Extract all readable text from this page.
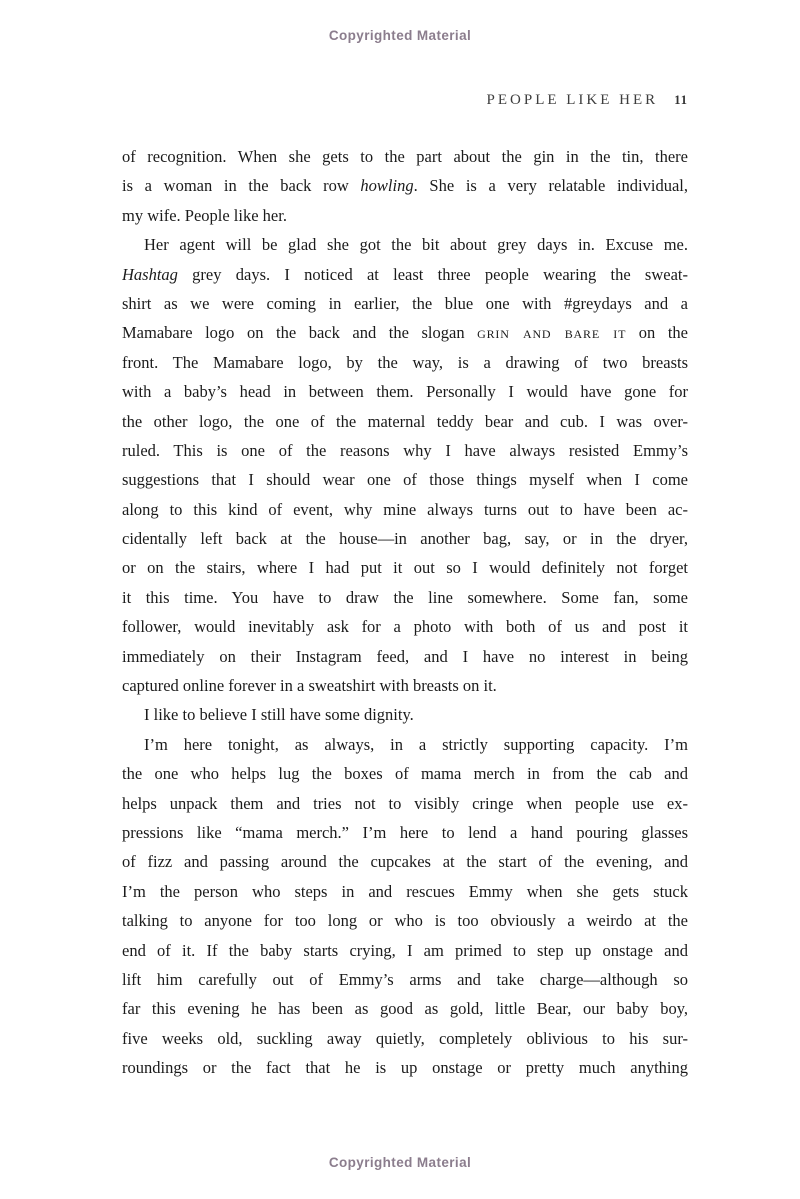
Copyrighted Material
PEOPLE LIKE HER 11
of recognition. When she gets to the part about the gin in the tin, there
is a woman in the back row howling. She is a very relatable individual,
my wife. People like her.
Her agent will be glad she got the bit about grey days in. Excuse me.
Hashtag grey days. I noticed at least three people wearing the sweat-
shirt as we were coming in earlier, the blue one with #greydays and a
Mamabare logo on the back and the slogan grin and bare it on the
front. The Mamabare logo, by the way, is a drawing of two breasts
with a baby’s head in between them. Personally I would have gone for
the other logo, the one of the maternal teddy bear and cub. I was over-
ruled. This is one of the reasons why I have always resisted Emmy’s
suggestions that I should wear one of those things myself when I come
along to this kind of event, why mine always turns out to have been ac-
cidentally left back at the house—in another bag, say, or in the dryer,
or on the stairs, where I had put it out so I would definitely not forget
it this time. You have to draw the line somewhere. Some fan, some
follower, would inevitably ask for a photo with both of us and post it
immediately on their Instagram feed, and I have no interest in being
captured online forever in a sweatshirt with breasts on it.
I like to believe I still have some dignity.
I’m here tonight, as always, in a strictly supporting capacity. I’m
the one who helps lug the boxes of mama merch in from the cab and
helps unpack them and tries not to visibly cringe when people use ex-
pressions like “mama merch.” I’m here to lend a hand pouring glasses
of fizz and passing around the cupcakes at the start of the evening, and
I’m the person who steps in and rescues Emmy when she gets stuck
talking to anyone for too long or who is too obviously a weirdo at the
end of it. If the baby starts crying, I am primed to step up onstage and
lift him carefully out of Emmy’s arms and take charge—although so
far this evening he has been as good as gold, little Bear, our baby boy,
five weeks old, suckling away quietly, completely oblivious to his sur-
roundings or the fact that he is up onstage or pretty much anything
Copyrighted Material
